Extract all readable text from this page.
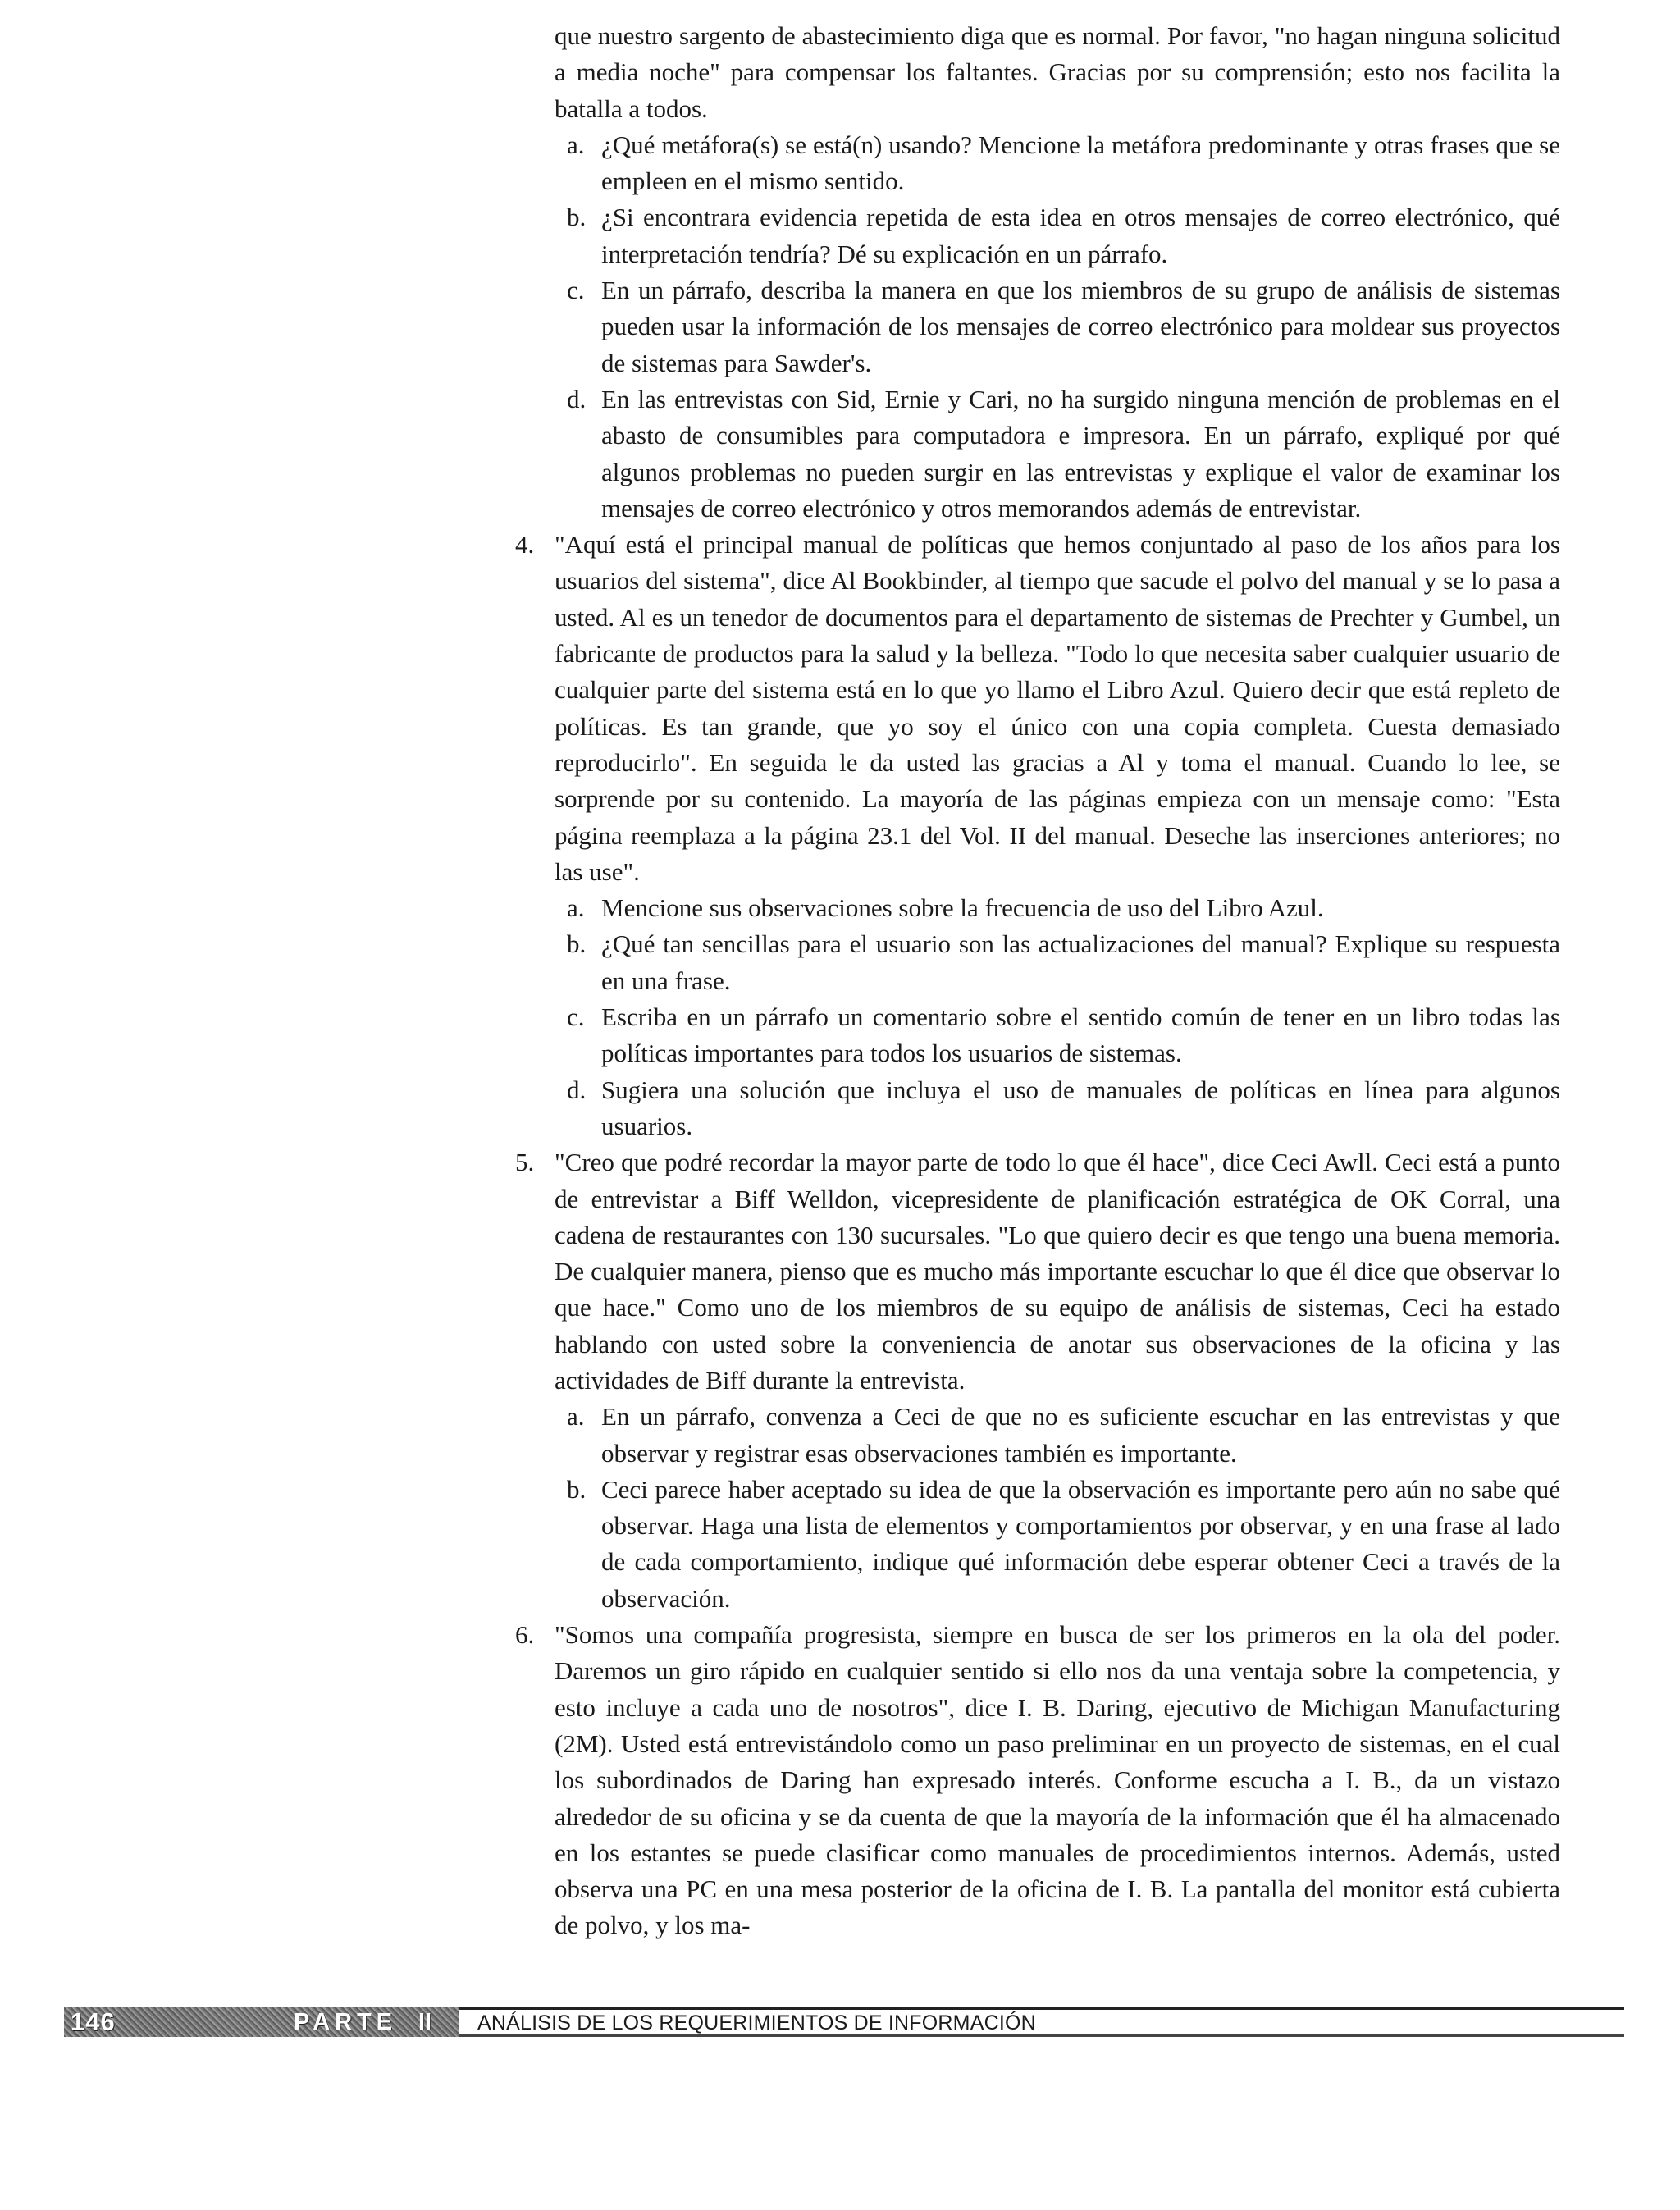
que nuestro sargento de abastecimiento diga que es normal. Por favor, "no hagan ninguna solicitud a media noche" para compensar los faltantes. Gracias por su comprensión; esto nos facilita la batalla a todos.

a. ¿Qué metáfora(s) se está(n) usando? Mencione la metáfora predominante y otras frases que se empleen en el mismo sentido.

b. ¿Si encontrara evidencia repetida de esta idea en otros mensajes de correo electrónico, qué interpretación tendría? Dé su explicación en un párrafo.

c. En un párrafo, describa la manera en que los miembros de su grupo de análisis de sistemas pueden usar la información de los mensajes de correo electrónico para moldear sus proyectos de sistemas para Sawder's.

d. En las entrevistas con Sid, Ernie y Cari, no ha surgido ninguna mención de problemas en el abasto de consumibles para computadora e impresora. En un párrafo, expliqué por qué algunos problemas no pueden surgir en las entrevistas y explique el valor de examinar los mensajes de correo electrónico y otros memorandos además de entrevistar.

4. "Aquí está el principal manual de políticas que hemos conjuntado al paso de los años para los usuarios del sistema", dice Al Bookbinder, al tiempo que sacude el polvo del manual y se lo pasa a usted. Al es un tenedor de documentos para el departamento de sistemas de Prechter y Gumbel, un fabricante de productos para la salud y la belleza. "Todo lo que necesita saber cualquier usuario de cualquier parte del sistema está en lo que yo llamo el Libro Azul. Quiero decir que está repleto de políticas. Es tan grande, que yo soy el único con una copia completa. Cuesta demasiado reproducirlo". En seguida le da usted las gracias a Al y toma el manual. Cuando lo lee, se sorprende por su contenido. La mayoría de las páginas empieza con un mensaje como: "Esta página reemplaza a la página 23.1 del Vol. II del manual. Deseche las inserciones anteriores; no las use".

a. Mencione sus observaciones sobre la frecuencia de uso del Libro Azul.

b. ¿Qué tan sencillas para el usuario son las actualizaciones del manual? Explique su respuesta en una frase.

c. Escriba en un párrafo un comentario sobre el sentido común de tener en un libro todas las políticas importantes para todos los usuarios de sistemas.

d. Sugiera una solución que incluya el uso de manuales de políticas en línea para algunos usuarios.

5. "Creo que podré recordar la mayor parte de todo lo que él hace", dice Ceci Awll. Ceci está a punto de entrevistar a Biff Welldon, vicepresidente de planificación estratégica de OK Corral, una cadena de restaurantes con 130 sucursales. "Lo que quiero decir es que tengo una buena memoria. De cualquier manera, pienso que es mucho más importante escuchar lo que él dice que observar lo que hace." Como uno de los miembros de su equipo de análisis de sistemas, Ceci ha estado hablando con usted sobre la conveniencia de anotar sus observaciones de la oficina y las actividades de Biff durante la entrevista.

a. En un párrafo, convenza a Ceci de que no es suficiente escuchar en las entrevistas y que observar y registrar esas observaciones también es importante.

b. Ceci parece haber aceptado su idea de que la observación es importante pero aún no sabe qué observar. Haga una lista de elementos y comportamientos por observar, y en una frase al lado de cada comportamiento, indique qué información debe esperar obtener Ceci a través de la observación.

6. "Somos una compañía progresista, siempre en busca de ser los primeros en la ola del poder. Daremos un giro rápido en cualquier sentido si ello nos da una ventaja sobre la competencia, y esto incluye a cada uno de nosotros", dice I. B. Daring, ejecutivo de Michigan Manufacturing (2M). Usted está entrevistándolo como un paso preliminar en un proyecto de sistemas, en el cual los subordinados de Daring han expresado interés. Conforme escucha a I. B., da un vistazo alrededor de su oficina y se da cuenta de que la mayoría de la información que él ha almacenado en los estantes se puede clasificar como manuales de procedimientos internos. Además, usted observa una PC en una mesa posterior de la oficina de I. B. La pantalla del monitor está cubierta de polvo, y los ma-

146	PARTE II ANÁLISIS DE LOS REQUERIMIENTOS DE INFORMACIÓN
